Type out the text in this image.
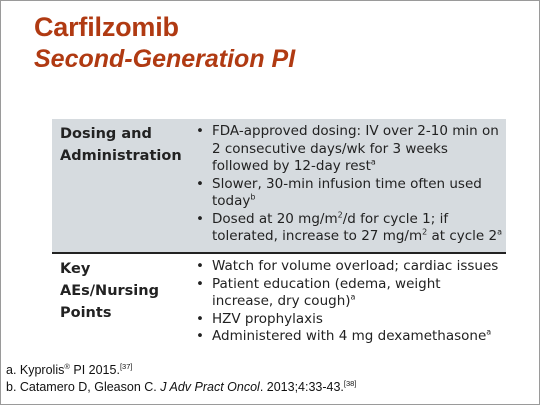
Carfilzomib
Second-Generation PI
Dosing and Administration
• FDA-approved dosing: IV over 2-10 min on 2 consecutive days/wk for 3 weeks followed by 12-day rest$^a$
• Slower, 30-min infusion time often used today$^b$
• Dosed at 20 $mg/m^2/d$ for cycle 1; if tolerated, increase to 27 $mg/m^2$ at cycle 2$^a$
Key AEs/Nursing Points
• Watch for volume overload; cardiac issues
• Patient education (edema, weight increase, dry cough)$^a$
• HZV prophylaxis
• Administered with 4 mg dexamethasone$^a$
a. Kyprolis® PI 2015.[37]
b. Catamero D, Gleason C. J Adv Pract Oncol. 2013;4:33-43.[38]
